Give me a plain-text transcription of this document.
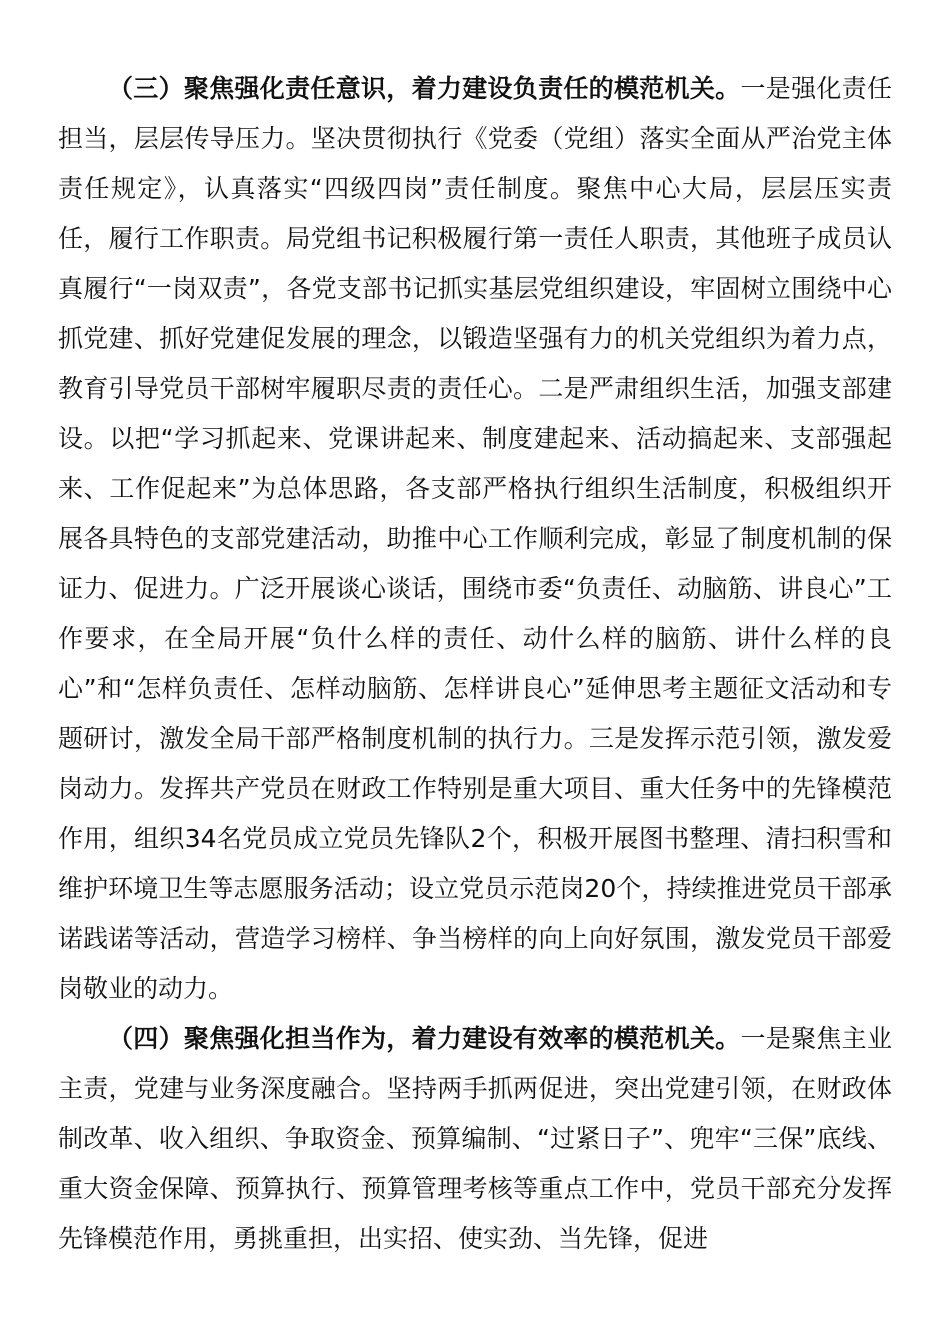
（三）聚焦强化责任意识，着力建设负责任的模范机关。一是强化责任担当，层层传导压力。坚决贯彻执行《党委（党组）落实全面从严治党主体责任规定》，认真落实“四级四岗”责任制度。聚焦中心大局，层层压实责任，履行工作职责。局党组书记积极履行第一责任人职责，其他班子成员认真履行“一岗双责”，各党支部书记抓实基层党组织建设，牢固树立围绕中心抓党建、抓好党建促发展的理念，以锻造坚强有力的机关党组织为着力点，教育引导党员干部树牢履职尽责的责任心。二是严肃组织生活，加强支部建设。以把“学习抓起来、党课讲起来、制度建起来、活动搞起来、支部强起来、工作促起来”为总体思路，各支部严格执行组织生活制度，积极组织开展各具特色的支部党建活动，助推中心工作顺利完成，彰显了制度机制的保证力、促进力。广泛开展谈心谈话，围绕市委“负责任、动脑筋、讲良心”工作要求，在全局开展“负什么样的责任、动什么样的脑筋、讲什么样的良心”和“怎样负责任、怎样动脑筋、怎样讲良心”延伸思考主题征文活动和专题研讨，激发全局干部严格制度机制的执行力。三是发挥示范引领，激发爱岗动力。发挥共产党员在财政工作特别是重大项目、重大任务中的先锋模范作用，组织34名党员成立党员先锋队2个，积极开展图书整理、清扫积雪和维护环境卫生等志愿服务活动；设立党员示范岗20个，持续推进党员干部承诺践诺等活动，营造学习榜样、争当榜样的向上向好氛围，激发党员干部爱岗敬业的动力。

（四）聚焦强化担当作为，着力建设有效率的模范机关。一是聚焦主业主责，党建与业务深度融合。坚持两手抓两促进，突出党建引领，在财政体制改革、收入组织、争取资金、预算编制、“过紧日子”、兜牢“三保”底线、重大资金保障、预算执行、预算管理考核等重点工作中，党员干部充分发挥先锋模范作用，勇挑重担，出实招、使实劲、当先锋，促进
